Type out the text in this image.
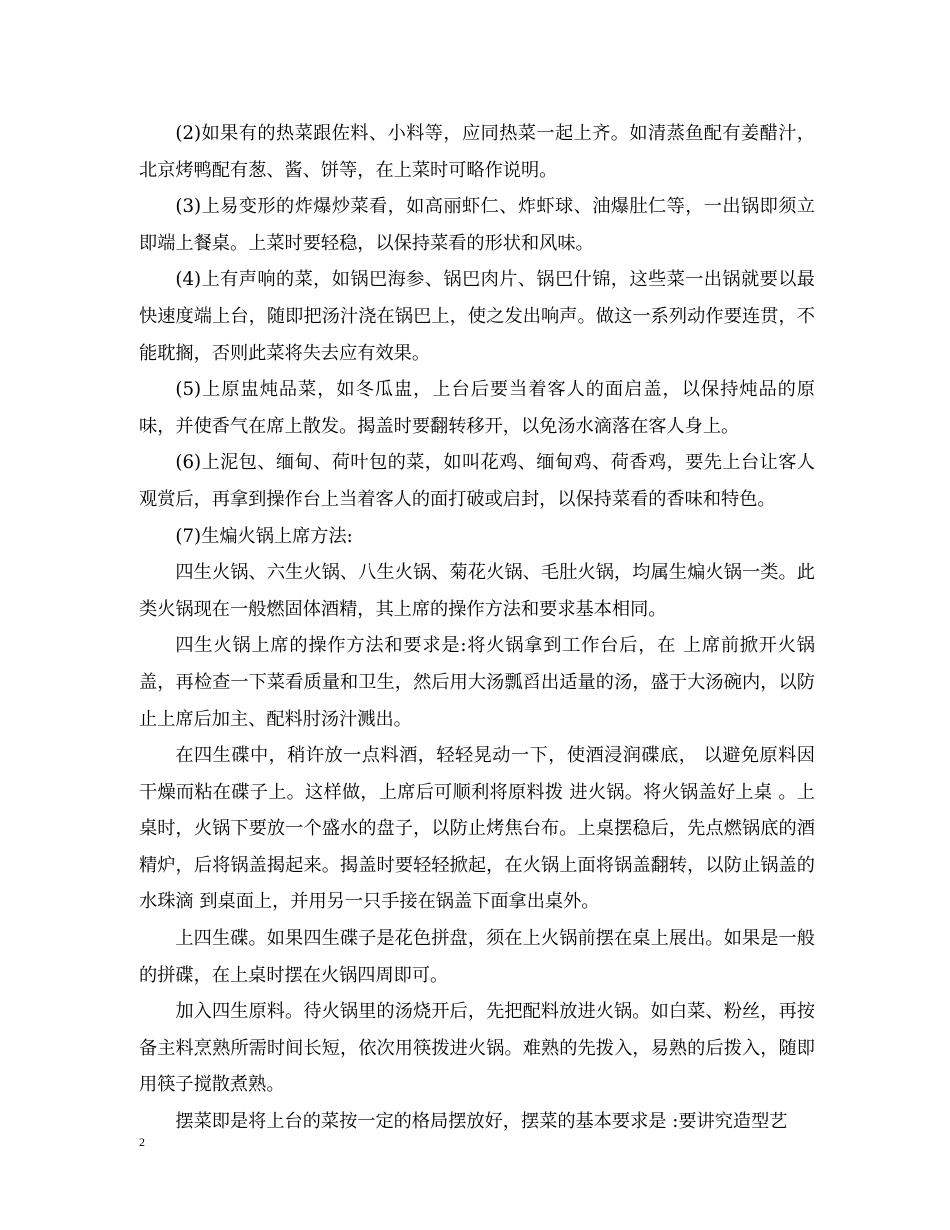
(2)如果有的热菜跟佐料、小料等，应同热菜一起上齐。如清蒸鱼配有姜醋汁，北京烤鸭配有葱、酱、饼等，在上菜时可略作说明。

(3)上易变形的炸爆炒菜看，如高丽虾仁、炸虾球、油爆肚仁等，一出锅即须立即端上餐桌。上菜时要轻稳，以保持菜看的形状和风味。

(4)上有声响的菜，如锅巴海参、锅巴肉片、锅巴什锦，这些菜一出锅就要以最快速度端上台，随即把汤汁浇在锅巴上，使之发出响声。做这一系列动作要连贯，不能耽搁，否则此菜将失去应有效果。

(5)上原盅炖品菜，如冬瓜盅，上台后要当着客人的面启盖，以保持炖品的原味，并使香气在席上散发。揭盖时要翻转移开，以免汤水滴落在客人身上。

(6)上泥包、缅甸、荷叶包的菜，如叫花鸡、缅甸鸡、荷香鸡，要先上台让客人观赏后，再拿到操作台上当着客人的面打破或启封，以保持菜看的香味和特色。

(7)生煸火锅上席方法:

四生火锅、六生火锅、八生火锅、菊花火锅、毛肚火锅，均属生煸火锅一类。此类火锅现在一般燃固体酒精，其上席的操作方法和要求基本相同。

四生火锅上席的操作方法和要求是:将火锅拿到工作台后，在 上席前掀开火锅盖，再检查一下菜看质量和卫生，然后用大汤瓢舀出适量的汤，盛于大汤碗内，以防止上席后加主、配料肘汤汁溅出。

在四生碟中，稍许放一点料酒，轻轻晃动一下，使酒浸润碟底， 以避免原料因干燥而粘在碟子上。这样做，上席后可顺利将原料拨 进火锅。将火锅盖好上桌 。上桌时，火锅下要放一个盛水的盘子，以防止烤焦台布。上桌摆稳后，先点燃锅底的酒精炉，后将锅盖揭起来。揭盖时要轻轻掀起，在火锅上面将锅盖翻转，以防止锅盖的水珠滴 到桌面上，并用另一只手接在锅盖下面拿出桌外。

上四生碟。如果四生碟子是花色拼盘，须在上火锅前摆在桌上展出。如果是一般的拼碟，在上桌时摆在火锅四周即可。

加入四生原料。待火锅里的汤烧开后，先把配料放进火锅。如白菜、粉丝，再按备主料烹熟所需时间长短，依次用筷拨进火锅。难熟的先拨入，易熟的后拨入，随即用筷子搅散煮熟。

摆菜即是将上台的菜按一定的格局摆放好，摆菜的基本要求是 :要讲究造型艺

2
